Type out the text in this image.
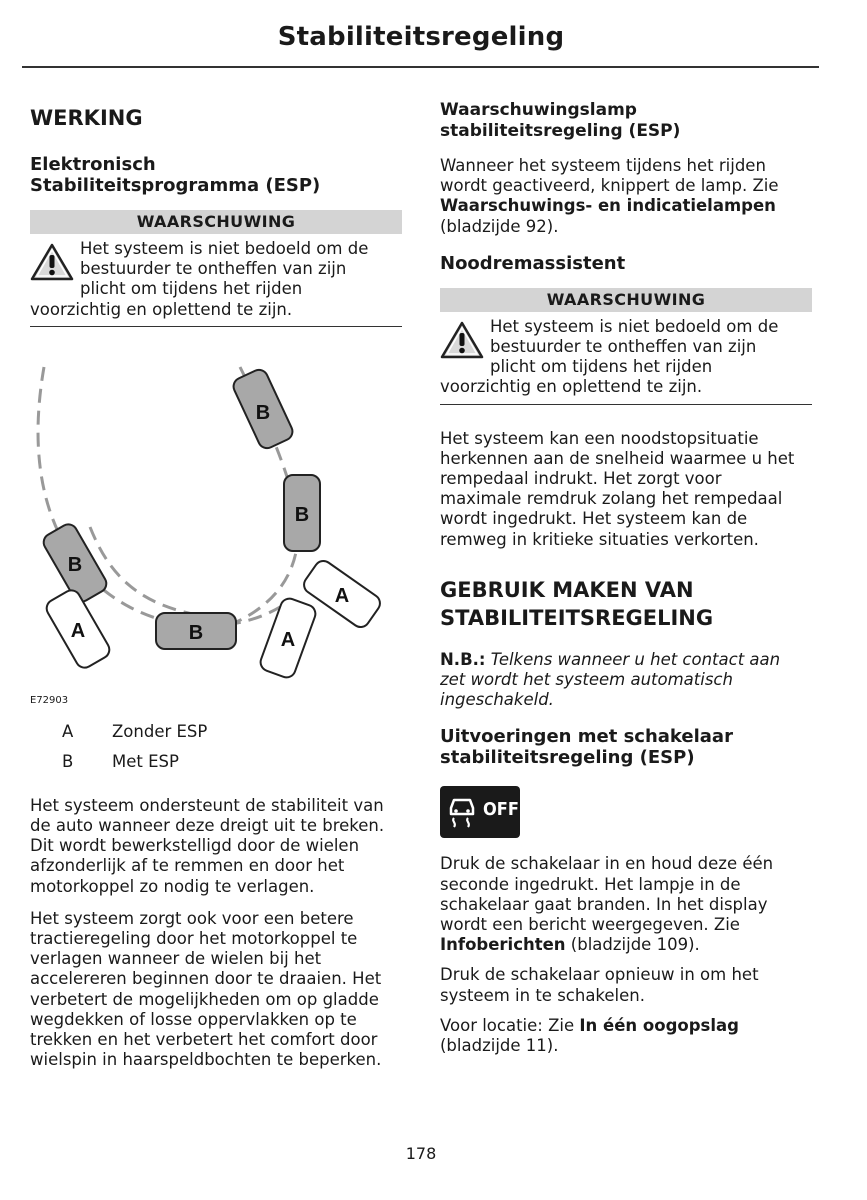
Stabiliteitsregeling
WERKING
Elektronisch
Stabiliteitsprogramma (ESP)
WAARSCHUWING
Het systeem is niet bedoeld om de
bestuurder te ontheffen van zijn
plicht om tijdens het rijden
voorzichtig en oplettend te zijn.
B
B
B
A	B
A
A
E72903
A Zonder ESP
B Met ESP
Het systeem ondersteunt de stabiliteit van
de auto wanneer deze dreigt uit te breken.
Dit wordt bewerkstelligd door de wielen
afzonderlijk af te remmen en door het
motorkoppel zo nodig te verlagen.
Het systeem zorgt ook voor een betere
tractieregeling door het motorkoppel te
verlagen wanneer de wielen bij het
accelereren beginnen door te draaien. Het
verbetert de mogelijkheden om op gladde
wegdekken of losse oppervlakken op te
trekken en het verbetert het comfort door
wielspin in haarspeldbochten te beperken.
Waarschuwingslamp
stabiliteitsregeling (ESP)
Wanneer het systeem tijdens het rijden
wordt geactiveerd, knippert de lamp. Zie
Waarschuwings- en indicatielampen
(bladzijde 92).
Noodremassistent
WAARSCHUWING
Het systeem is niet bedoeld om de
bestuurder te ontheffen van zijn
plicht om tijdens het rijden
voorzichtig en oplettend te zijn.
Het systeem kan een noodstopsituatie
herkennen aan de snelheid waarmee u het
rempedaal indrukt. Het zorgt voor
maximale remdruk zolang het rempedaal
wordt ingedrukt. Het systeem kan de
remweg in kritieke situaties verkorten.
GEBRUIK MAKEN VAN
STABILITEITSREGELING
N.B.: Telkens wanneer u het contact aan
zet wordt het systeem automatisch
ingeschakeld.
Uitvoeringen met schakelaar
stabiliteitsregeling (ESP)
OFF
Druk de schakelaar in en houd deze één
seconde ingedrukt. Het lampje in de
schakelaar gaat branden. In het display
wordt een bericht weergegeven. Zie
Infoberichten (bladzijde 109).
Druk de schakelaar opnieuw in om het
systeem in te schakelen.
Voor locatie: Zie In één oogopslag
(bladzijde 11).
178
